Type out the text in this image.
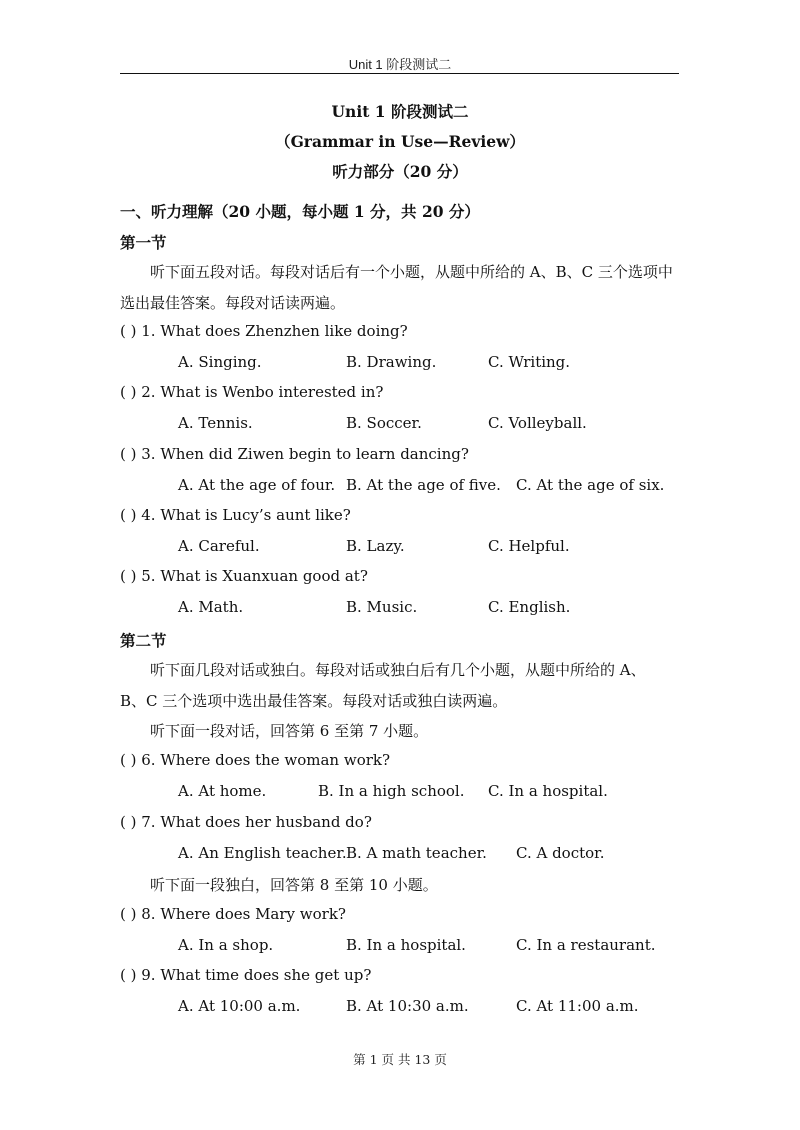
Unit 1 阶段测试二
Unit 1 阶段测试二
（Grammar in Use—Review）
听力部分（20 分）
一、听力理解（20 小题，每小题 1 分，共 20 分）
第一节
听下面五段对话。每段对话后有一个小题，从题中所给的 A、B、C 三个选项中
选出最佳答案。每段对话读两遍。
( ) 1. What does Zhenzhen like doing?
A. Singing.	B. Drawing.	C. Writing.
( ) 2. What is Wenbo interested in?
A. Tennis.	B. Soccer.	C. Volleyball.
( ) 3. When did Ziwen begin to learn dancing?
A. At the age of four. B. At the age of five. C. At the age of six.
( ) 4. What is Lucy’s aunt like?
A. Careful.	B. Lazy.	C. Helpful.
( ) 5. What is Xuanxuan good at?
A. Math.	B. Music.	C. English.
第二节
听下面几段对话或独白。每段对话或独白后有几个小题，从题中所给的 A、
B、C 三个选项中选出最佳答案。每段对话或独白读两遍。
听下面一段对话，回答第 6 至第 7 小题。
( ) 6. Where does the woman work?
A. At home.	B. In a high school. C. In a hospital.
( ) 7. What does her husband do?
A. An English teacher. B. A math teacher. C. A doctor.
听下面一段独白，回答第 8 至第 10 小题。
( ) 8. Where does Mary work?
A. In a shop.	B. In a hospital.	C. In a restaurant.
( ) 9. What time does she get up?
A. At 10:00 a.m.	B. At 10:30 a.m.	C. At 11:00 a.m.
第 1 页 共 13 页
